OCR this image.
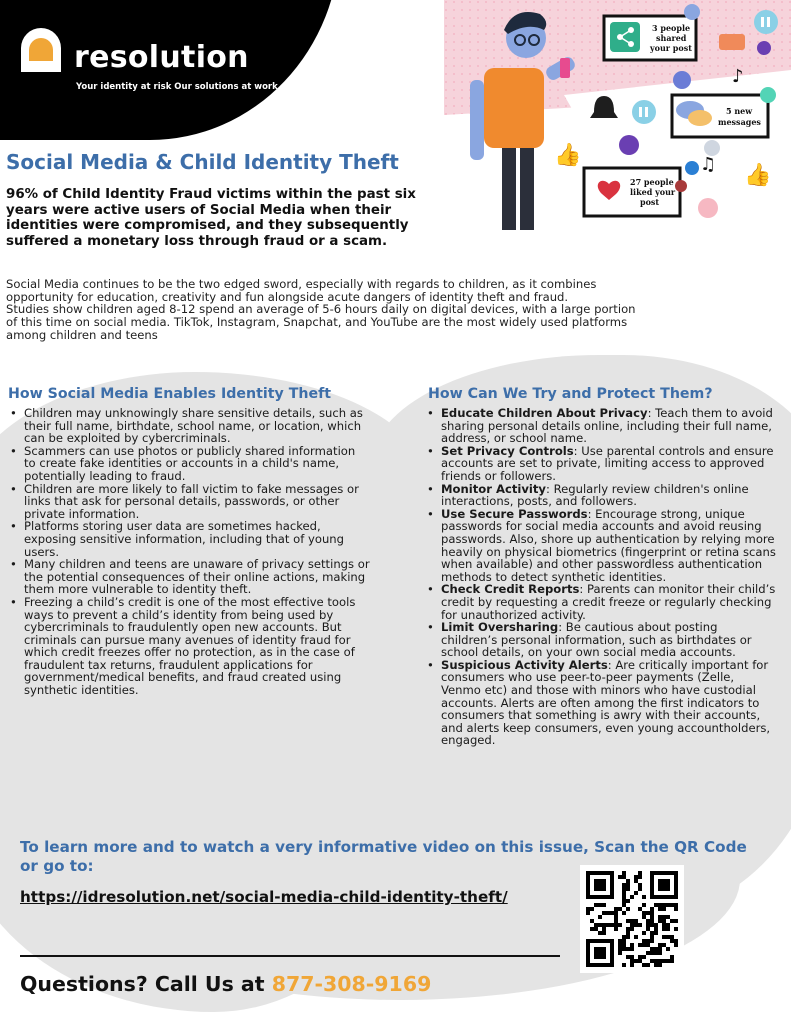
resolution
Your identity at risk Our solutions at work
3 people shared your post
5 new messages
27 people liked your post
♪
♫
👍
👍
Social Media & Child Identity Theft
96% of Child Identity Fraud victims within the past six years were active users of Social Media when their identities were compromised, and they subsequently suffered a monetary loss through fraud or a scam.

Social Media continues to be the two edged sword, especially with regards to children, as it combines opportunity for education, creativity and fun alongside acute dangers of identity theft and fraud.

Studies show children aged 8-12 spend an average of 5-6 hours daily on digital devices, with a large portion of this time on social media. TikTok, Instagram, Snapchat, and YouTube are the most widely used platforms among children and teens

How Social Media Enables Identity Theft
• Children may unknowingly share sensitive details, such as their full name, birthdate, school name, or location, which can be exploited by cybercriminals.
• Scammers can use photos or publicly shared information to create fake identities or accounts in a child's name, potentially leading to fraud.
• Children are more likely to fall victim to fake messages or links that ask for personal details, passwords, or other private information.
• Platforms storing user data are sometimes hacked, exposing sensitive information, including that of young users.
• Many children and teens are unaware of privacy settings or the potential consequences of their online actions, making them more vulnerable to identity theft.
• Freezing a child’s credit is one of the most effective tools ways to prevent a child’s identity from being used by cybercriminals to fraudulently open new accounts. But criminals can pursue many avenues of identity fraud for which credit freezes offer no protection, as in the case of fraudulent tax returns, fraudulent applications for government/medical benefits, and fraud created using synthetic identities.
How Can We Try and Protect Them?
• Educate Children About Privacy: Teach them to avoid sharing personal details online, including their full name, address, or school name.
• Set Privacy Controls: Use parental controls and ensure accounts are set to private, limiting access to approved friends or followers.
• Monitor Activity: Regularly review children's online interactions, posts, and followers.
• Use Secure Passwords: Encourage strong, unique passwords for social media accounts and avoid reusing passwords. Also, shore up authentication by relying more heavily on physical biometrics (fingerprint or retina scans when available) and other passwordless authentication methods to detect synthetic identities.
• Check Credit Reports: Parents can monitor their child’s credit by requesting a credit freeze or regularly checking for unauthorized activity.
• Limit Oversharing: Be cautious about posting children’s personal information, such as birthdates or school details, on your own social media accounts.
• Suspicious Activity Alerts: Are critically important for consumers who use peer-to-peer payments (Zelle, Venmo etc) and those with minors who have custodial accounts. Alerts are often among the first indicators to consumers that something is awry with their accounts, and alerts keep consumers, even young accountholders, engaged.
To learn more and to watch a very informative video on this issue, Scan the QR Code or go to:
https://idresolution.net/social-media-child-identity-theft/
Questions? Call Us at 877-308-9169
